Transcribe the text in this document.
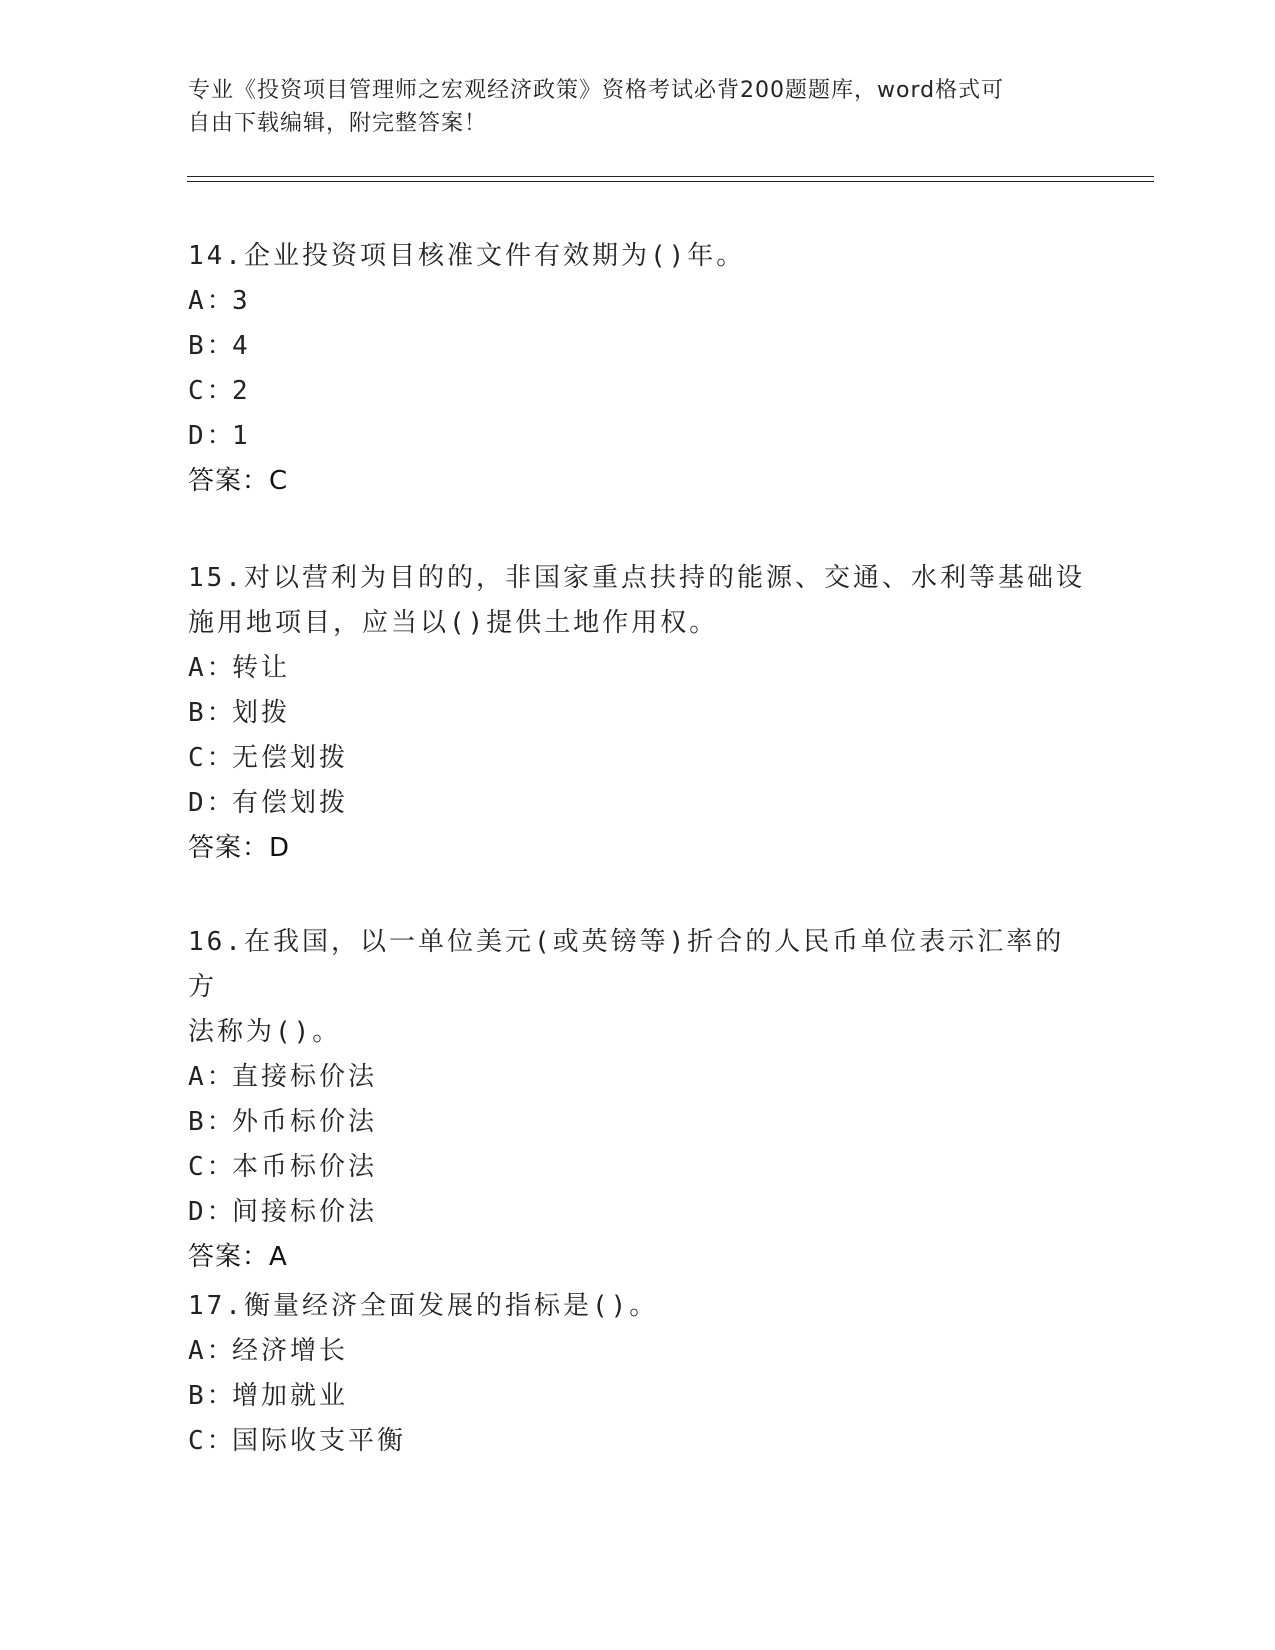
专业《投资项目管理师之宏观经济政策》资格考试必背200题题库，word格式可
自由下载编辑，附完整答案！
14.企业投资项目核准文件有效期为()年。
A：
3
B：
4
C：
2
D：
1
答案：C
15.对以营利为目的的，非国家重点扶持的能源、交通、水利等基础设
施用地项目，应当以()提供土地作用权。
A：
转让
B：
划拨
C：
无偿划拨
D：
有偿划拨
答案：D
16.在我国，以一单位美元(或英镑等)折合的人民币单位表示汇率的方
法称为()。
A：
直接标价法
B：
外币标价法
C：
本币标价法
D：
间接标价法
答案：A
17.衡量经济全面发展的指标是()。
A：
经济增长
B：
增加就业
C：
国际收支平衡
